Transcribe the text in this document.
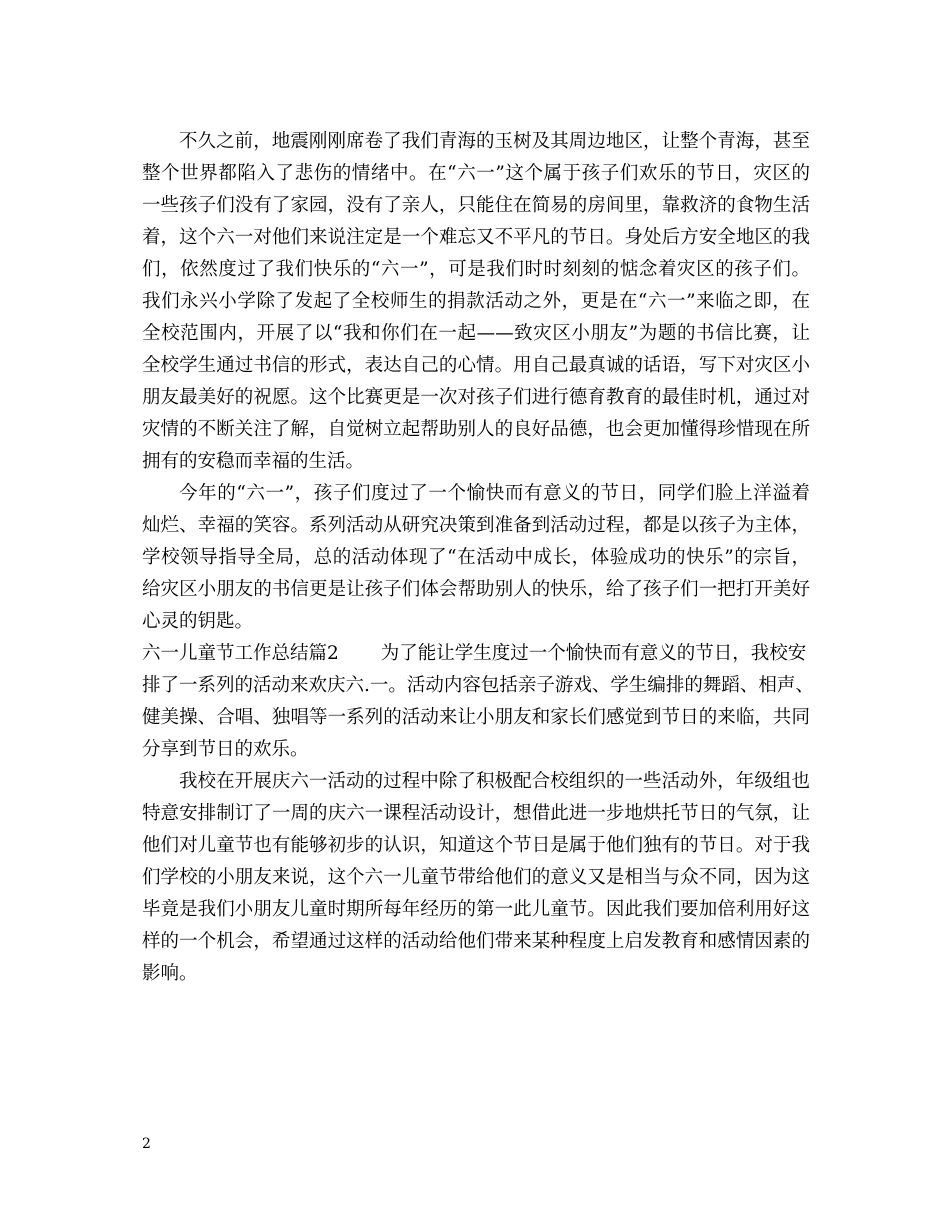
不久之前，地震刚刚席卷了我们青海的玉树及其周边地区，让整个青海，甚至
整个世界都陷入了悲伤的情绪中。在“六一”这个属于孩子们欢乐的节日，灾区的
一些孩子们没有了家园，没有了亲人，只能住在简易的房间里，靠救济的食物生活
着，这个六一对他们来说注定是一个难忘又不平凡的节日。身处后方安全地区的我
们，依然度过了我们快乐的“六一”，可是我们时时刻刻的惦念着灾区的孩子们。
我们永兴小学除了发起了全校师生的捐款活动之外，更是在“六一”来临之即，在
全校范围内，开展了以“我和你们在一起——致灾区小朋友”为题的书信比赛，让
全校学生通过书信的形式，表达自己的心情。用自己最真诚的话语，写下对灾区小
朋友最美好的祝愿。这个比赛更是一次对孩子们进行德育教育的最佳时机，通过对
灾情的不断关注了解，自觉树立起帮助别人的良好品德，也会更加懂得珍惜现在所
拥有的安稳而幸福的生活。
今年的“六一”，孩子们度过了一个愉快而有意义的节日，同学们脸上洋溢着
灿烂、幸福的笑容。系列活动从研究决策到准备到活动过程，都是以孩子为主体，
学校领导指导全局，总的活动体现了“在活动中成长，体验成功的快乐”的宗旨，
给灾区小朋友的书信更是让孩子们体会帮助别人的快乐，给了孩子们一把打开美好
心灵的钥匙。
六一儿童节工作总结篇2 为了能让学生度过一个愉快而有意义的节日，我校安
排了一系列的活动来欢庆六.一。活动内容包括亲子游戏、学生编排的舞蹈、相声、
健美操、合唱、独唱等一系列的活动来让小朋友和家长们感觉到节日的来临，共同
分享到节日的欢乐。
我校在开展庆六一活动的过程中除了积极配合校组织的一些活动外，年级组也
特意安排制订了一周的庆六一课程活动设计，想借此进一步地烘托节日的气氛，让
他们对儿童节也有能够初步的认识，知道这个节日是属于他们独有的节日。对于我
们学校的小朋友来说，这个六一儿童节带给他们的意义又是相当与众不同，因为这
毕竟是我们小朋友儿童时期所每年经历的第一此儿童节。因此我们要加倍利用好这
样的一个机会，希望通过这样的活动给他们带来某种程度上启发教育和感情因素的
影响。
2
